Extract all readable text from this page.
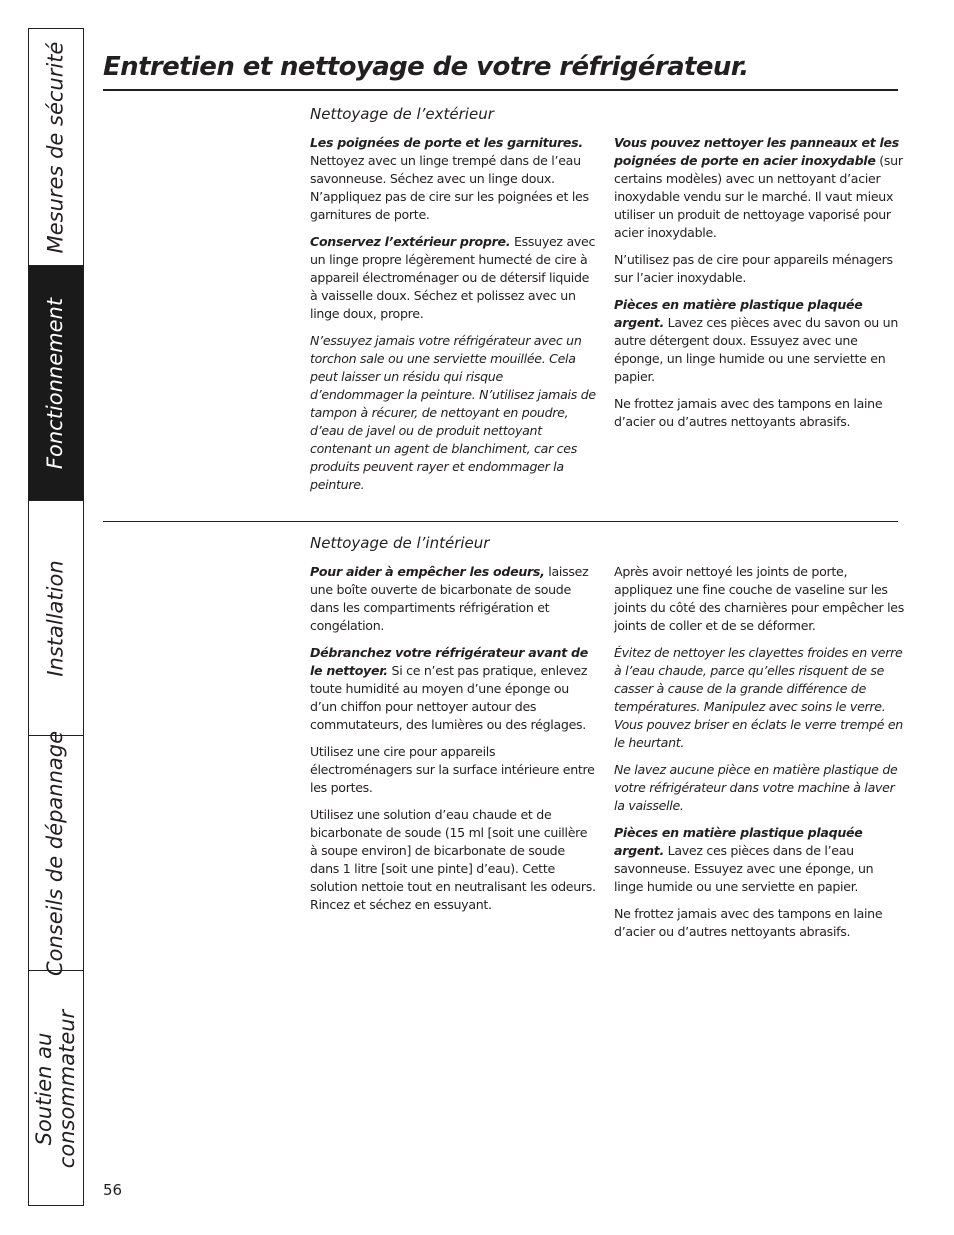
Mesures de sécurité
Fonctionnement
Installation
Conseils de dépannage
Soutien au
consommateur
Entretien et nettoyage de votre réfrigérateur.
Nettoyage de l’extérieur

Les poignées de porte et les garnitures. Nettoyez avec un linge trempé dans de l’eau savonneuse. Séchez avec un linge doux. N’appliquez pas de cire sur les poignées et les garnitures de porte.

Conservez l’extérieur propre. Essuyez avec un linge propre légèrement humecté de cire à appareil électroménager ou de détersif liquide à vaisselle doux. Séchez et polissez avec un linge doux, propre.

N’essuyez jamais votre réfrigérateur avec un torchon sale ou une serviette mouillée. Cela peut laisser un résidu qui risque d’endommager la peinture. N’utilisez jamais de tampon à récurer, de nettoyant en poudre, d’eau de javel ou de produit nettoyant contenant un agent de blanchiment, car ces produits peuvent rayer et endommager la peinture.

Vous pouvez nettoyer les panneaux et les poignées de porte en acier inoxydable (sur certains modèles) avec un nettoyant d’acier inoxydable vendu sur le marché. Il vaut mieux utiliser un produit de nettoyage vaporisé pour acier inoxydable.

N’utilisez pas de cire pour appareils ménagers sur l’acier inoxydable.

Pièces en matière plastique plaquée argent. Lavez ces pièces avec du savon ou un autre détergent doux. Essuyez avec une éponge, un linge humide ou une serviette en papier.

Ne frottez jamais avec des tampons en laine d’acier ou d’autres nettoyants abrasifs.

Nettoyage de l’intérieur

Pour aider à empêcher les odeurs, laissez une boîte ouverte de bicarbonate de soude dans les compartiments réfrigération et congélation.

Débranchez votre réfrigérateur avant de le nettoyer. Si ce n’est pas pratique, enlevez toute humidité au moyen d’une éponge ou d’un chiffon pour nettoyer autour des commutateurs, des lumières ou des réglages.

Utilisez une cire pour appareils électroménagers sur la surface intérieure entre les portes.

Utilisez une solution d’eau chaude et de bicarbonate de soude (15 ml [soit une cuillère à soupe environ] de bicarbonate de soude dans 1 litre [soit une pinte] d’eau). Cette solution nettoie tout en neutralisant les odeurs. Rincez et séchez en essuyant.

Après avoir nettoyé les joints de porte, appliquez une fine couche de vaseline sur les joints du côté des charnières pour empêcher les joints de coller et de se déformer.

Évitez de nettoyer les clayettes froides en verre à l’eau chaude, parce qu’elles risquent de se casser à cause de la grande différence de températures. Manipulez avec soins le verre. Vous pouvez briser en éclats le verre trempé en le heurtant.

Ne lavez aucune pièce en matière plastique de votre réfrigérateur dans votre machine à laver la vaisselle.

Pièces en matière plastique plaquée argent. Lavez ces pièces dans de l’eau savonneuse. Essuyez avec une éponge, un linge humide ou une serviette en papier.

Ne frottez jamais avec des tampons en laine d’acier ou d’autres nettoyants abrasifs.

56
